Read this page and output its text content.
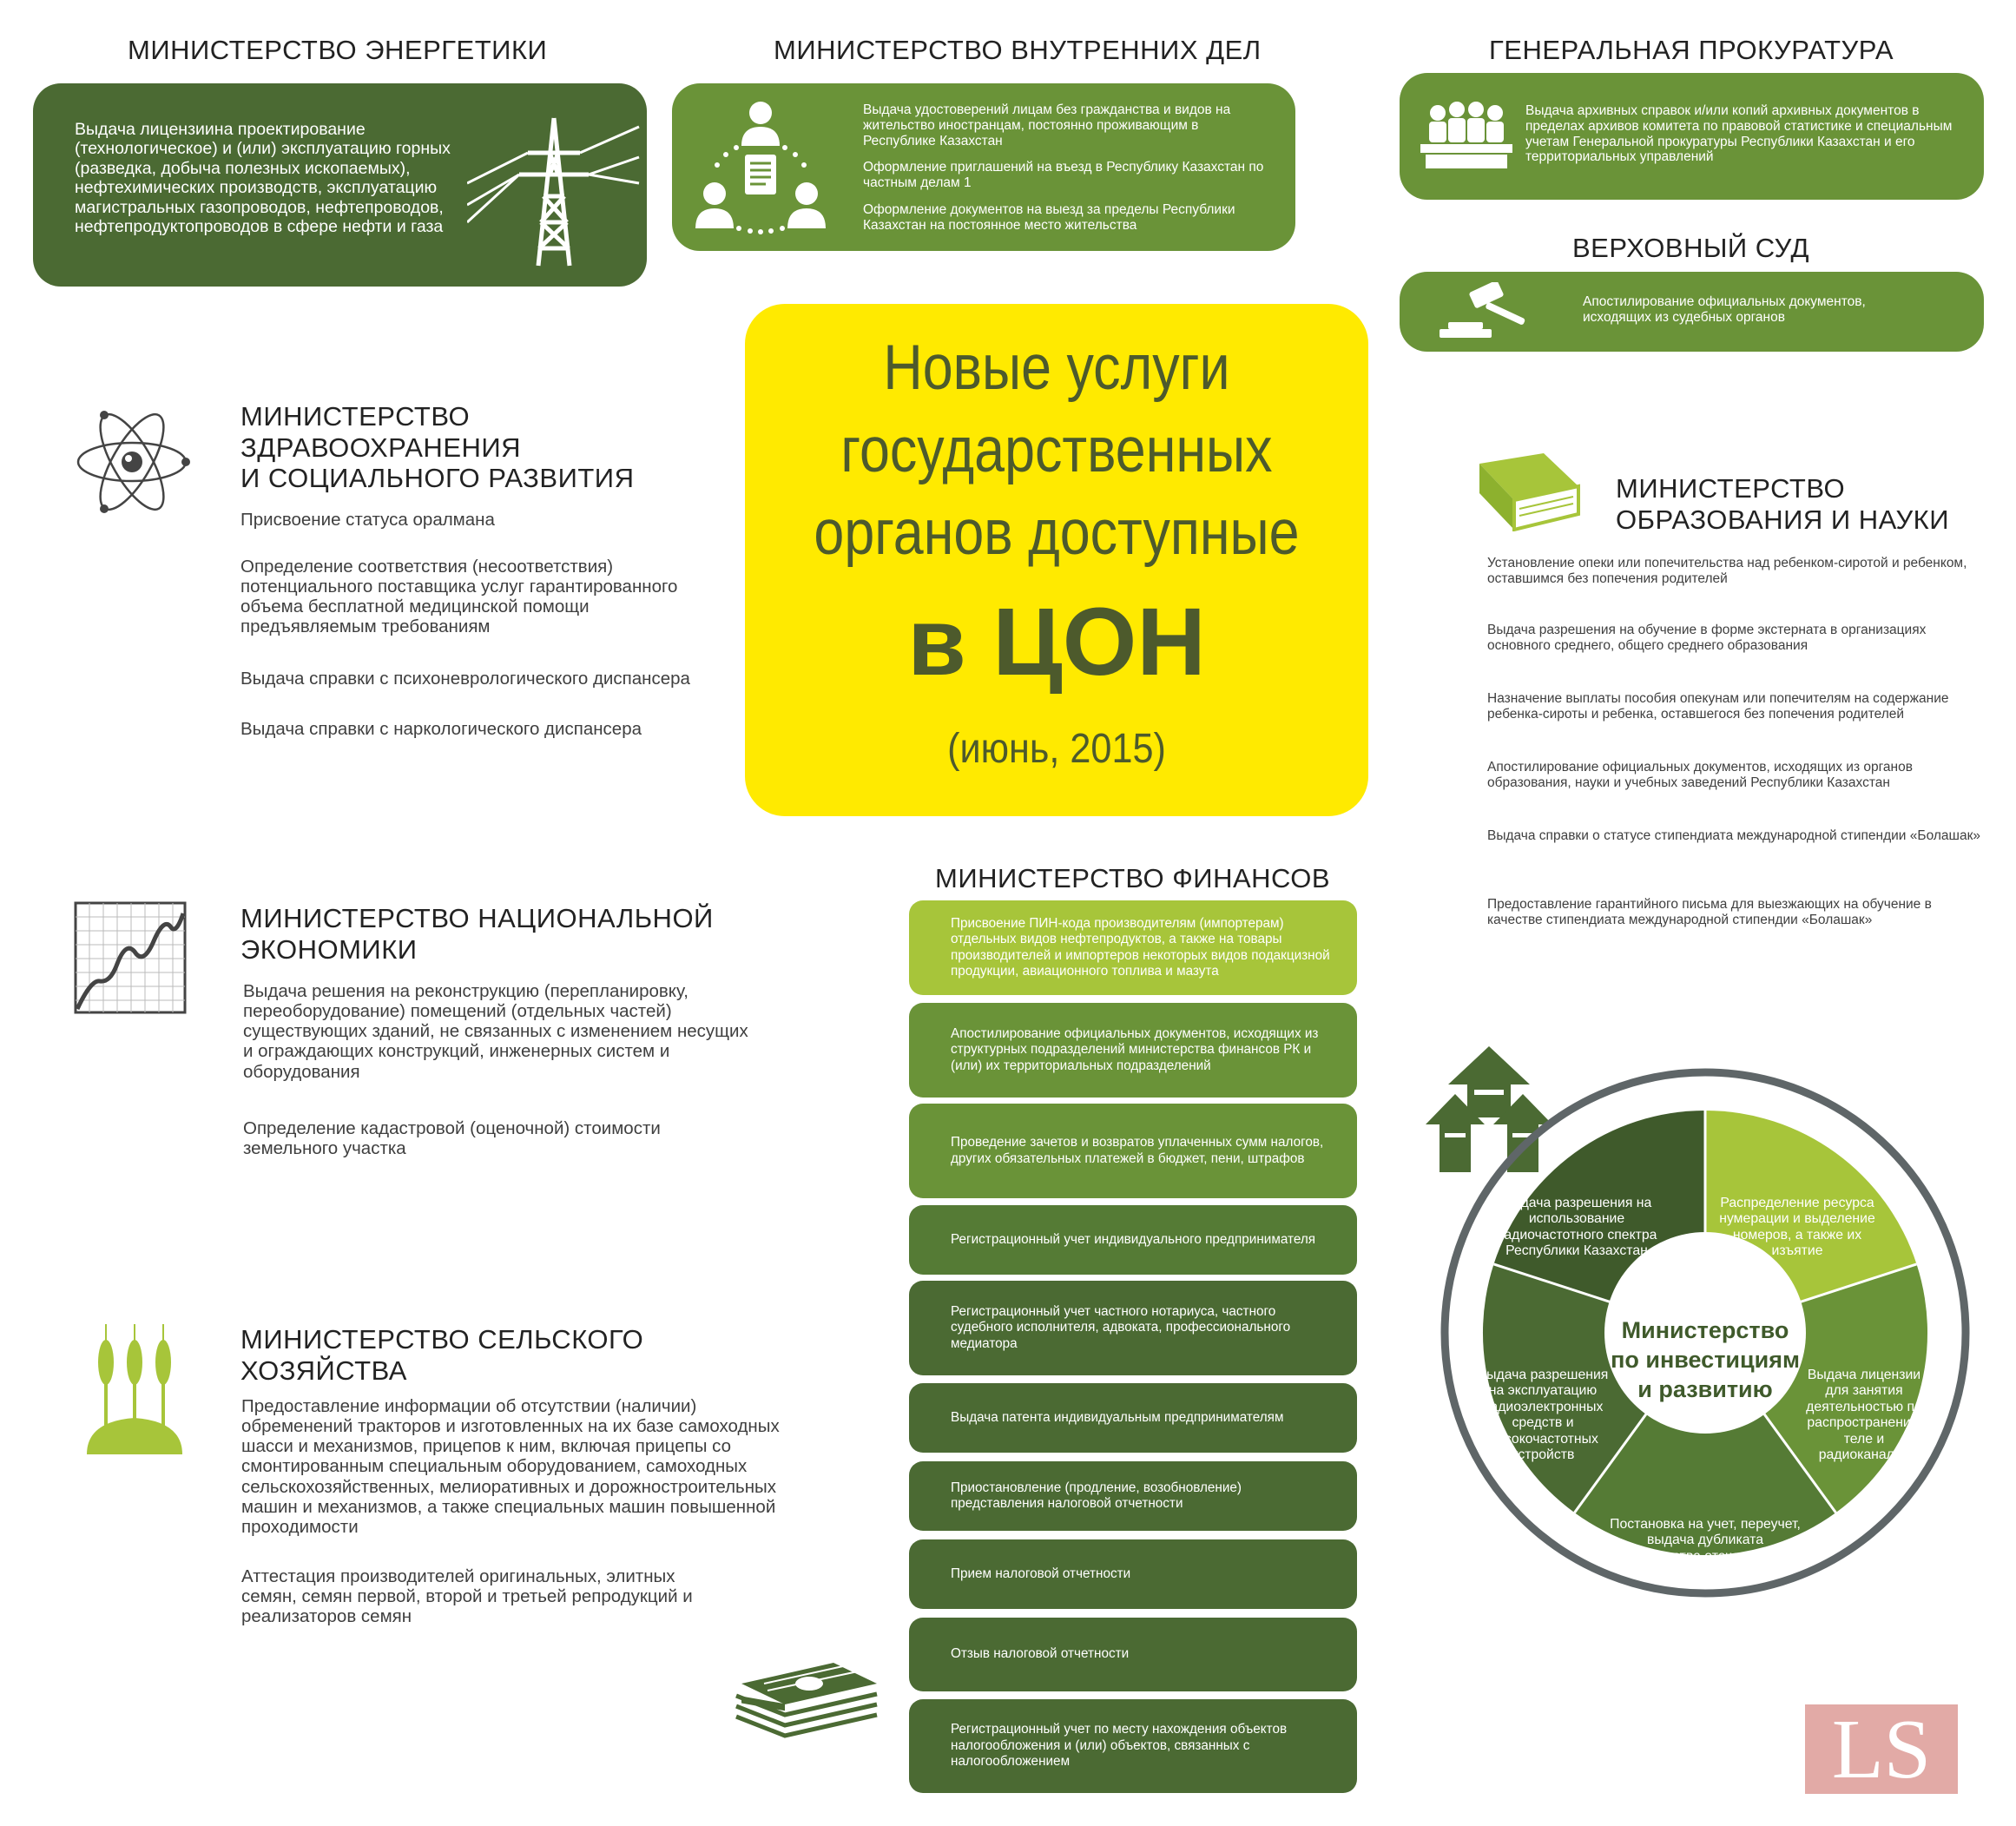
МИНИСТЕРСТВО ЭНЕРГЕТИКИ
Выдача лицензиина проектирование (технологическое) и (или) эксплуатацию горных (разведка, добыча полезных ископаемых), нефтехимических производств, эксплуатацию магистральных газопроводов, нефтепроводов, нефтепродуктопроводов в сфере нефти и газа
МИНИСТЕРСТВО ВНУТРЕННИХ ДЕЛ

Выдача удостоверений лицам без гражданства и видов на жительство иностранцам, постоянно проживающим в Республике Казахстан

Оформление приглашений на въезд в Республику Казахстан по частным делам 1

Оформление документов на выезд за пределы Республики Казахстан на постоянное место жительства

ГЕНЕРАЛЬНАЯ ПРОКУРАТУРА
Выдача архивных справок и/или копий архивных документов в пределах архивов комитета по правовой статистике и специальным учетам Генеральной прокуратуры Республики Казахстан и его территориальных управлений
ВЕРХОВНЫЙ СУД
Апостилирование официальных документов, исходящих из судебных органов
Новые услуги
государственных
органов доступные
в ЦОН
(июнь, 2015)
МИНИСТЕРСТВО
ЗДРАВООХРАНЕНИЯ
И СОЦИАЛЬНОГО РАЗВИТИЯ

Присвоение статуса оралмана

Определение соответствия (несоответствия) потенциального поставщика услуг гарантированного объема бесплатной медицинской помощи предъявляемым требованиям

Выдача справки с психоневрологического диспансера

Выдача справки с наркологического диспансера

МИНИСТЕРСТВО
ОБРАЗОВАНИЯ И НАУКИ

Установление опеки или попечительства над ребенком-сиротой и ребенком, оставшимся без попечения родителей

Выдача разрешения на обучение в форме экстерната в организациях основного среднего, общего среднего образования

Назначение выплаты пособия опекунам или попечителям на содержание ребенка-сироты и ребенка, оставшегося без попечения родителей

Апостилирование официальных документов, исходящих из органов образования, науки и учебных заведений Республики Казахстан

Выдача справки о статусе стипендиата международной стипендии «Болашак»

Предоставление гарантийного письма для выезжающих на обучение в качестве стипендиата международной стипендии «Болашак»

МИНИСТЕРСТВО НАЦИОНАЛЬНОЙ
ЭКОНОМИКИ

Выдача решения на реконструкцию (перепланировку, переоборудование) помещений (отдельных частей) существующих зданий, не связанных с изменением несущих и ограждающих конструкций, инженерных систем и оборудования

Определение кадастровой (оценочной) стоимости земельного участка

МИНИСТЕРСТВО СЕЛЬСКОГО
ХОЗЯЙСТВА

Предоставление информации об отсутствии (наличии) обременений тракторов и изготовленных на их базе самоходных шасси и механизмов, прицепов к ним, включая прицепы со смонтированным специальным оборудованием, самоходных сельскохозяйственных, мелиоративных и дорожностроительных машин и механизмов, а также специальных машин повышенной проходимости

Аттестация производителей оригинальных, элитных семян, семян первой, второй и третьей репродукций и реализаторов семян

МИНИСТЕРСТВО ФИНАНСОВ
Присвоение ПИН-кода производителям (импортерам) отдельных видов нефтепродуктов, а также на товары производителей и импортеров некоторых видов подакцизной продукции, авиационного топлива и мазута
Апостилирование официальных документов, исходящих из структурных подразделений министерства финансов РК и (или) их территориальных подразделений
Проведение зачетов и возвратов уплаченных сумм налогов, других обязательных платежей в бюджет, пени, штрафов
Регистрационный учет индивидуального предпринимателя
Регистрационный учет частного нотариуса, частного судебного исполнителя, адвоката, профессионального медиатора
Выдача патента индивидуальным предпринимателям
Приостановление (продление, возобновление) представления налоговой отчетности
Прием налоговой отчетности
Отзыв налоговой отчетности
Регистрационный учет по месту нахождения объектов налогообложения и (или) объектов, связанных с налогообложением
Выдача разрешения на использование радиочастотного спектра Республики Казахстан
Распределение ресурса нумерации и выделение номеров, а также их изъятие
Выдача лицензии для занятия деятельностью по распространению теле и радиоканалов
Постановка на учет, переучет, выдача дубликата свидетельства отечественного теле и радиоканала
Выдача разрешения на эксплуатацию радиоэлектронных средств и высокочастотных устройств
Министерство
по инвестициям
и развитию
LS
